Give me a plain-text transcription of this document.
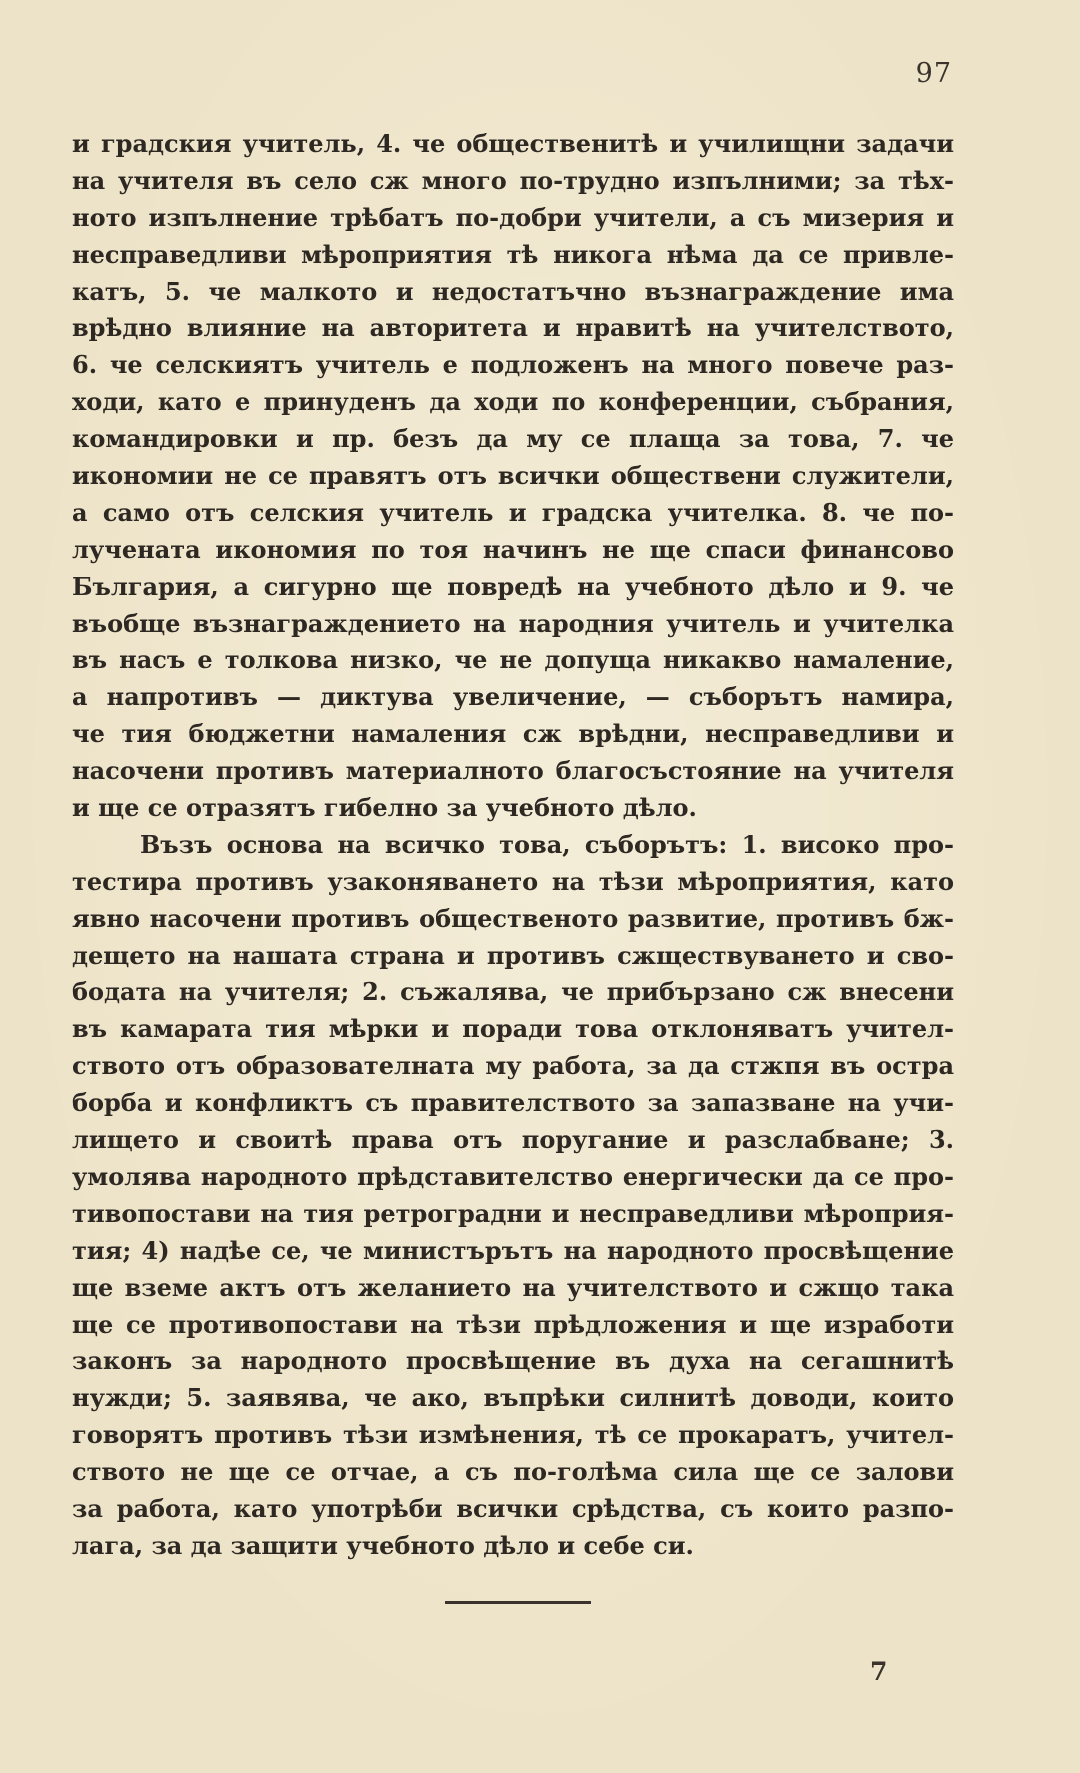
97
и градския учитель, 4. че общественитѣ и училищни задачи
на учителя въ село сж много по-трудно изпълними; за тѣх-
ното изпълнение трѣбатъ по-добри учители, а съ мизерия и
несправедливи мѣроприятия тѣ никога нѣма да се привле-
катъ, 5. че малкото и недостатъчно възнаграждение има
врѣдно влияние на авторитета и нравитѣ на учителството,
6. че селскиятъ учитель е подложенъ на много повече раз-
ходи, като е принуденъ да ходи по конференции, събрания,
командировки и пр. безъ да му се плаща за това, 7. че
икономии не се правятъ отъ всички обществени служители,
а само отъ селския учитель и градска учителка. 8. че по-
лучената икономия по тоя начинъ не ще спаси финансово
България, а сигурно ще повредѣ на учебното дѣло и 9. че
въобще възнаграждението на народния учитель и учителка
въ насъ е толкова низко, че не допуща никакво намаление,
а напротивъ — диктува увеличение, — съборътъ намира,
че тия бюджетни намаления сж врѣдни, несправедливи и
насочени противъ материалното благосъстояние на учителя
и ще се отразятъ гибелно за учебното дѣло.
Възъ основа на всичко това, съборътъ: 1. високо про-
тестира противъ узаконяването на тѣзи мѣроприятия, като
явно насочени противъ общественото развитие, противъ бж-
дещето на нашата страна и противъ сжществуването и сво-
бодата на учителя; 2. съжалява, че прибързано сж внесени
въ камарата тия мѣрки и поради това отклоняватъ учител-
ството отъ образователната му работа, за да стжпя въ остра
борба и конфликтъ съ правителството за запазване на учи-
лището и своитѣ права отъ поругание и разслабване; 3.
умолява народното прѣдставителство енергически да се про-
тивопостави на тия ретроградни и несправедливи мѣроприя-
тия; 4) надѣе се, че министърътъ на народното просвѣщение
ще вземе актъ отъ желанието на учителството и сжщо така
ще се противопостави на тѣзи прѣдложения и ще изработи
законъ за народното просвѣщение въ духа на сегашнитѣ
нужди; 5. заявява, че ако, въпрѣки силнитѣ доводи, които
говорятъ противъ тѣзи измѣнения, тѣ се прокаратъ, учител-
ството не ще се отчае, а съ по-голѣма сила ще се залови
за работа, като употрѣби всички срѣдства, съ които разпо-
лага, за да защити учебното дѣло и себе си.
7
